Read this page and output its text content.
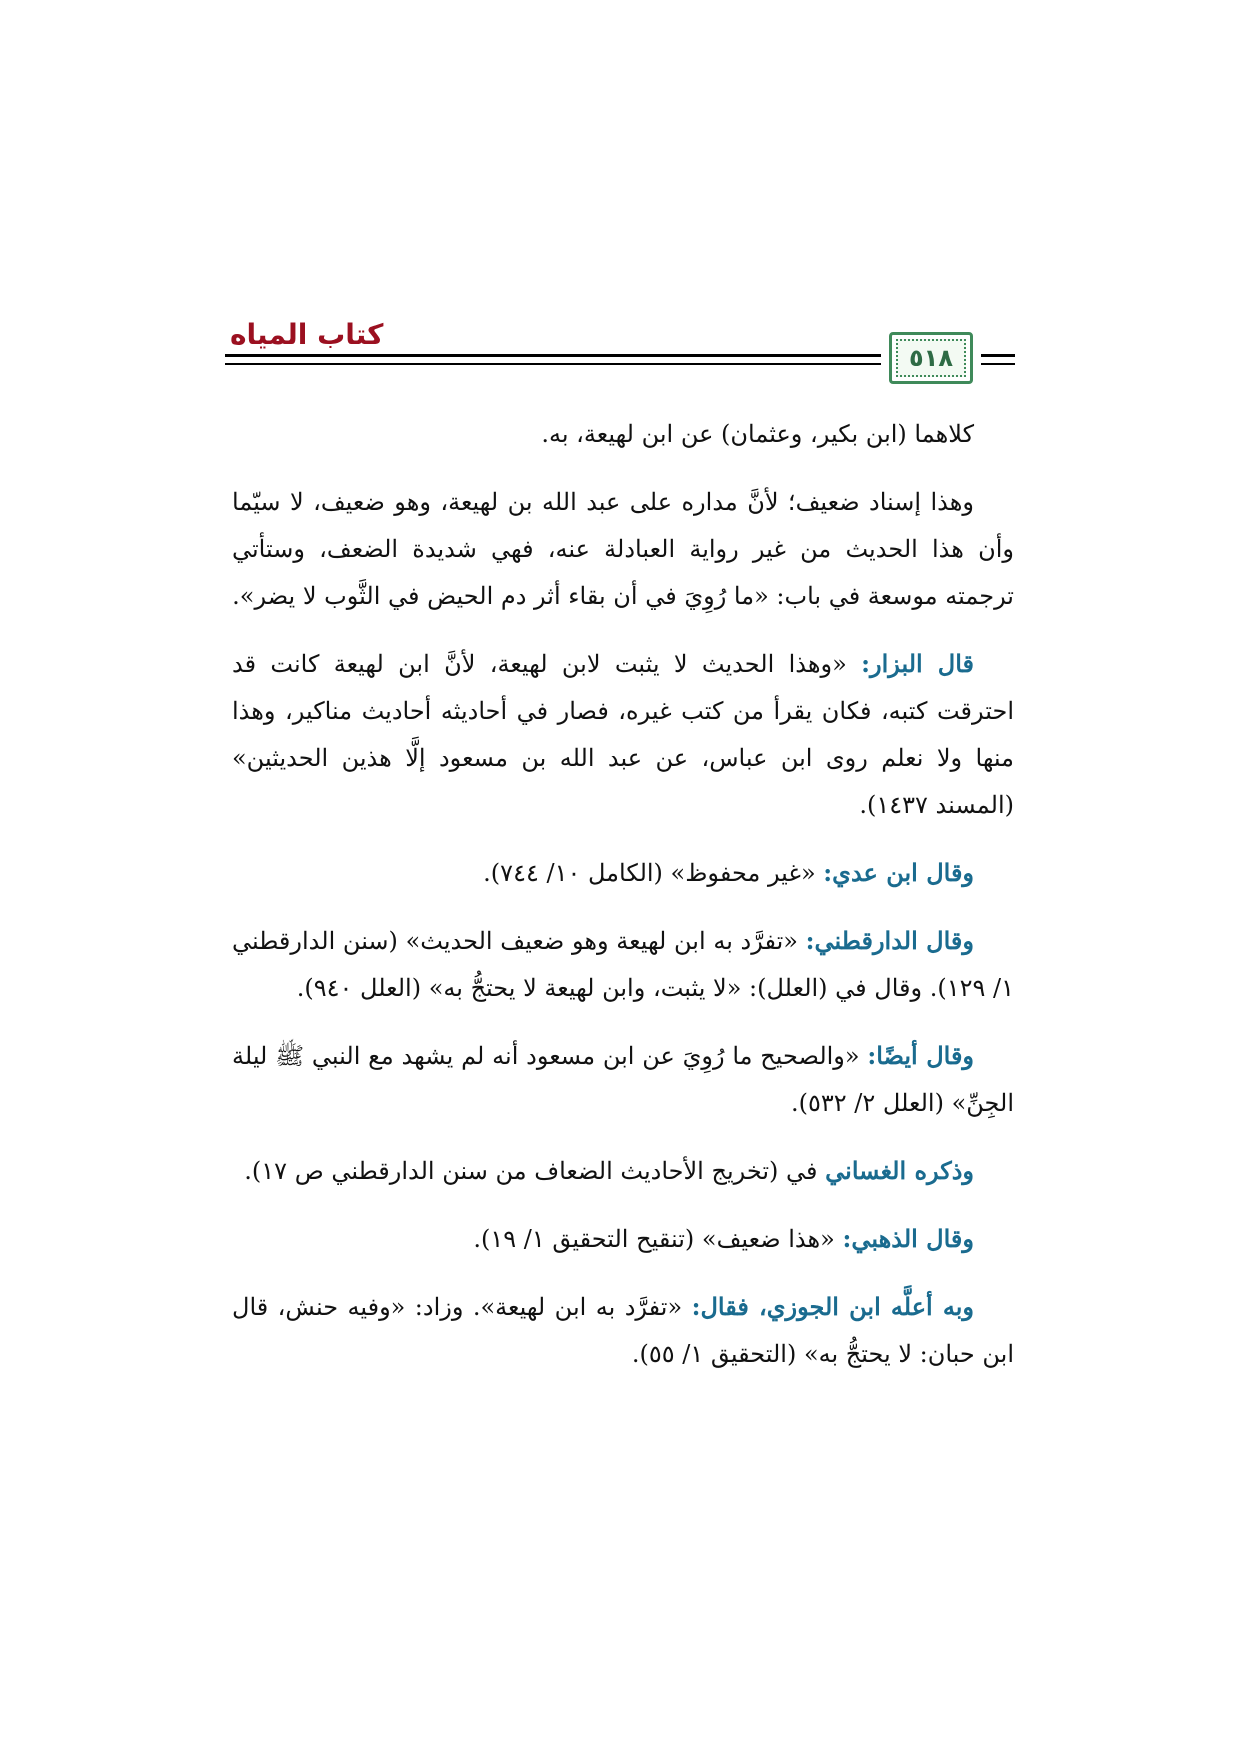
كتاب المياه
٥١٨

كلاهما (ابن بكير، وعثمان) عن ابن لهيعة، به.

وهذا إسناد ضعيف؛ لأنَّ مداره على عبد الله بن لهيعة، وهو ضعيف، لا سيّما وأن هذا الحديث من غير رواية العبادلة عنه، فهي شديدة الضعف، وستأتي ترجمته موسعة في باب: «ما رُوِيَ في أن بقاء أثر دم الحيض في الثَّوب لا يضر».

قال البزار: «وهذا الحديث لا يثبت لابن لهيعة، لأنَّ ابن لهيعة كانت قد احترقت كتبه، فكان يقرأ من كتب غيره، فصار في أحاديثه أحاديث مناكير، وهذا منها ولا نعلم روى ابن عباس، عن عبد الله بن مسعود إلَّا هذين الحديثين» (المسند ١٤٣٧).

وقال ابن عدي: «غير محفوظ» (الكامل ١٠/ ٧٤٤).

وقال الدارقطني: «تفرَّد به ابن لهيعة وهو ضعيف الحديث» (سنن الدارقطني ١/ ١٢٩). وقال في (العلل): «لا يثبت، وابن لهيعة لا يحتجُّ به» (العلل ٩٤٠).

وقال أيضًا: «والصحيح ما رُوِيَ عن ابن مسعود أنه لم يشهد مع النبي ﷺ ليلة الجِنِّ» (العلل ٢/ ٥٣٢).

وذكره الغساني في (تخريج الأحاديث الضعاف من سنن الدارقطني ص ١٧).

وقال الذهبي: «هذا ضعيف» (تنقيح التحقيق ١/ ١٩).

وبه أعلَّه ابن الجوزي، فقال: «تفرَّد به ابن لهيعة». وزاد: «وفيه حنش، قال ابن حبان: لا يحتجُّ به» (التحقيق ١/ ٥٥).
